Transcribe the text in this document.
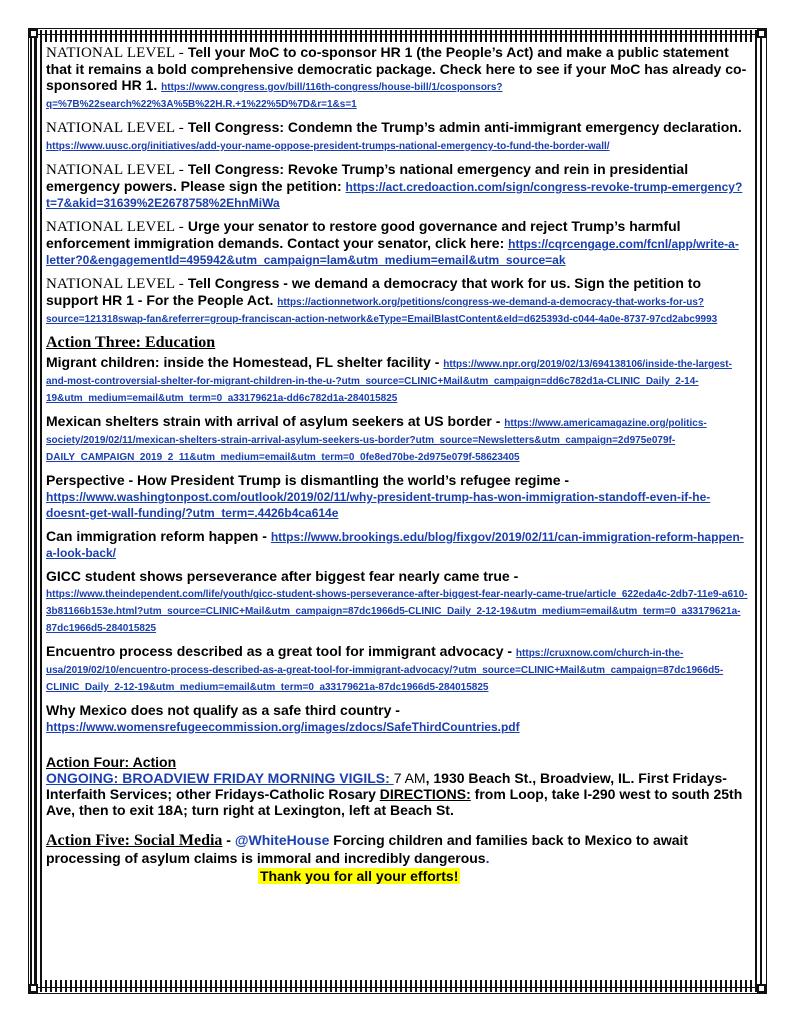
NATIONAL LEVEL - Tell your MoC to co-sponsor HR 1 (the People’s Act) and make a public statement that it remains a bold comprehensive democratic package. Check here to see if your MoC has already co-sponsored HR 1. https://www.congress.gov/bill/116th-congress/house-bill/1/cosponsors?q=%7B%22search%22%3A%5B%22H.R.+1%22%5D%7D&r=1&s=1
NATIONAL LEVEL - Tell Congress: Condemn the Trump’s admin anti-immigrant emergency declaration. https://www.uusc.org/initiatives/add-your-name-oppose-president-trumps-national-emergency-to-fund-the-border-wall/
NATIONAL LEVEL - Tell Congress: Revoke Trump’s national emergency and rein in presidential emergency powers. Please sign the petition: https://act.credoaction.com/sign/congress-revoke-trump-emergency?t=7&akid=31639%2E2678758%2EhnMiWa
NATIONAL LEVEL - Urge your senator to restore good governance and reject Trump’s harmful enforcement immigration demands. Contact your senator, click here: https://cqrcengage.com/fcnl/app/write-a-letter?0&engagementId=495942&utm_campaign=lam&utm_medium=email&utm_source=ak
NATIONAL LEVEL - Tell Congress - we demand a democracy that work for us. Sign the petition to support HR 1 - For the People Act. https://actionnetwork.org/petitions/congress-we-demand-a-democracy-that-works-for-us?source=121318swap-fan&referrer=group-franciscan-action-network&eType=EmailBlastContent&eId=d625393d-c044-4a0e-8737-97cd2abc9993
Action Three: Education
Migrant children: inside the Homestead, FL shelter facility - https://www.npr.org/2019/02/13/694138106/inside-the-largest-and-most-controversial-shelter-for-migrant-children-in-the-u-?utm_source=CLINIC+Mail&utm_campaign=dd6c782d1a-CLINIC_Daily_2-14-19&utm_medium=email&utm_term=0_a33179621a-dd6c782d1a-284015825
Mexican shelters strain with arrival of asylum seekers at US border - https://www.americamagazine.org/politics-society/2019/02/11/mexican-shelters-strain-arrival-asylum-seekers-us-border?utm_source=Newsletters&utm_campaign=2d975e079f-DAILY_CAMPAIGN_2019_2_11&utm_medium=email&utm_term=0_0fe8ed70be-2d975e079f-58623405
Perspective - How President Trump is dismantling the world’s refugee regime - https://www.washingtonpost.com/outlook/2019/02/11/why-president-trump-has-won-immigration-standoff-even-if-he-doesnt-get-wall-funding/?utm_term=.4426b4ca614e
Can immigration reform happen - https://www.brookings.edu/blog/fixgov/2019/02/11/can-immigration-reform-happen-a-look-back/
GICC student shows perseverance after biggest fear nearly came true - https://www.theindependent.com/life/youth/gicc-student-shows-perseverance-after-biggest-fear-nearly-came-true/article_622eda4c-2db7-11e9-a610-3b81166b153e.html?utm_source=CLINIC+Mail&utm_campaign=87dc1966d5-CLINIC_Daily_2-12-19&utm_medium=email&utm_term=0_a33179621a-87dc1966d5-284015825
Encuentro process described as a great tool for immigrant advocacy - https://cruxnow.com/church-in-the-usa/2019/02/10/encuentro-process-described-as-a-great-tool-for-immigrant-advocacy/?utm_source=CLINIC+Mail&utm_campaign=87dc1966d5-CLINIC_Daily_2-12-19&utm_medium=email&utm_term=0_a33179621a-87dc1966d5-284015825
Why Mexico does not qualify as a safe third country - https://www.womensrefugeecommission.org/images/zdocs/SafeThirdCountries.pdf
Action Four: Action
ONGOING: BROADVIEW FRIDAY MORNING VIGILS: 7 AM, 1930 Beach St., Broadview, IL. First Fridays-Interfaith Services; other Fridays-Catholic Rosary DIRECTIONS: from Loop, take I-290 west to south 25th Ave, then to exit 18A; turn right at Lexington, left at Beach St.
Action Five: Social Media - @WhiteHouse Forcing children and families back to Mexico to await processing of asylum claims is immoral and incredibly dangerous.
Thank you for all your efforts!
